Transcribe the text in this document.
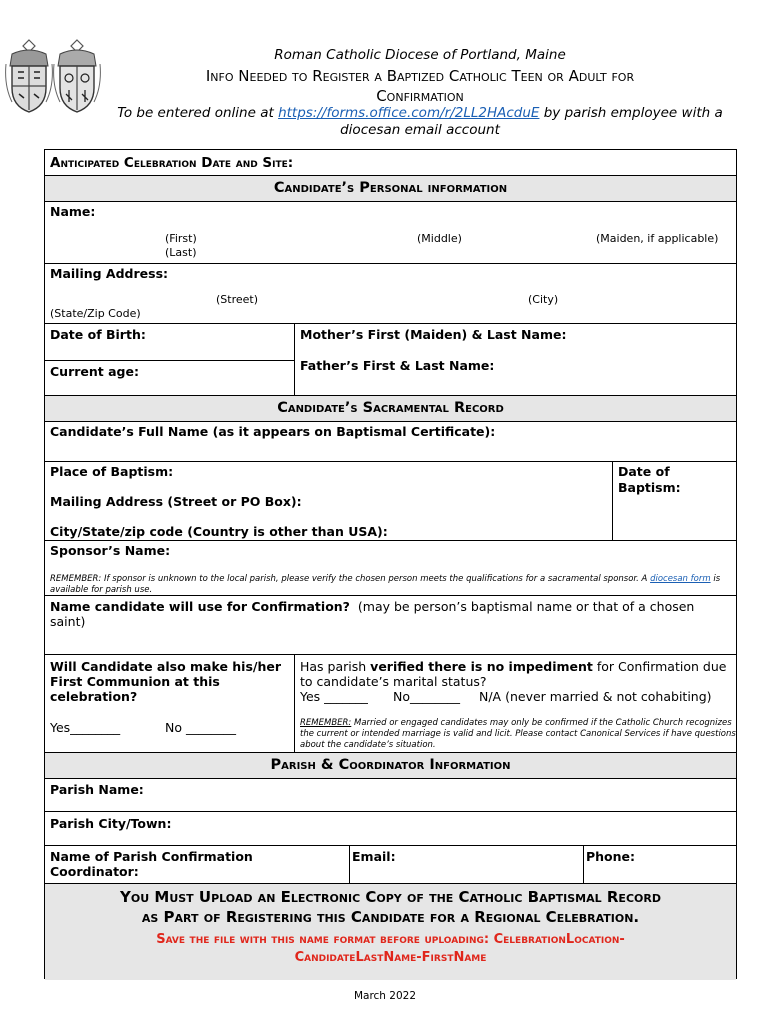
Roman Catholic Diocese of Portland, Maine
Info Needed to Register a Baptized Catholic Teen or Adult for
Confirmation
To be entered online at https://forms.office.com/r/2LL2HAcduE by parish employee with a
diocesan email account
Anticipated Celebration Date and Site:
Candidate’s Personal information
Name:
(First)	(Middle)	(Maiden, if applicable)
(Last)
Mailing Address:
(Street)	(City)
(State/Zip Code)
Date of Birth:
Current age:
Mother’s First (Maiden) & Last Name:
Father’s First & Last Name:
Candidate’s Sacramental Record
Candidate’s Full Name (as it appears on Baptismal Certificate):
Place of Baptism:
Mailing Address (Street or PO Box):
City/State/zip code (Country is other than USA):
Date of
Baptism:
Sponsor’s Name:
REMEMBER: If sponsor is unknown to the local parish, please verify the chosen person meets the qualifications for a sacramental sponsor. A diocesan form is available for parish use.
Name candidate will use for Confirmation? (may be person’s baptismal name or that of a chosen saint)
Will Candidate also make his/her
First Communion at this
celebration?
Yes________	No ________
Has parish verified there is no impediment for Confirmation due
to candidate’s marital status?
Yes _______ No________ N/A (never married & not cohabiting)
REMEMBER: Married or engaged candidates may only be confirmed if the Catholic Church recognizes the current or intended marriage is valid and licit. Please contact Canonical Services if have questions about the candidate’s situation.
Parish & Coordinator Information
Parish Name:
Parish City/Town:
Name of Parish Confirmation
Coordinator:
Email:	Phone:
You Must Upload an Electronic Copy of the Catholic Baptismal Record
as Part of Registering this Candidate for a Regional Celebration.
Save the file with this name format before uploading: CelebrationLocation-
CandidateLastName-FirstName
March 2022
